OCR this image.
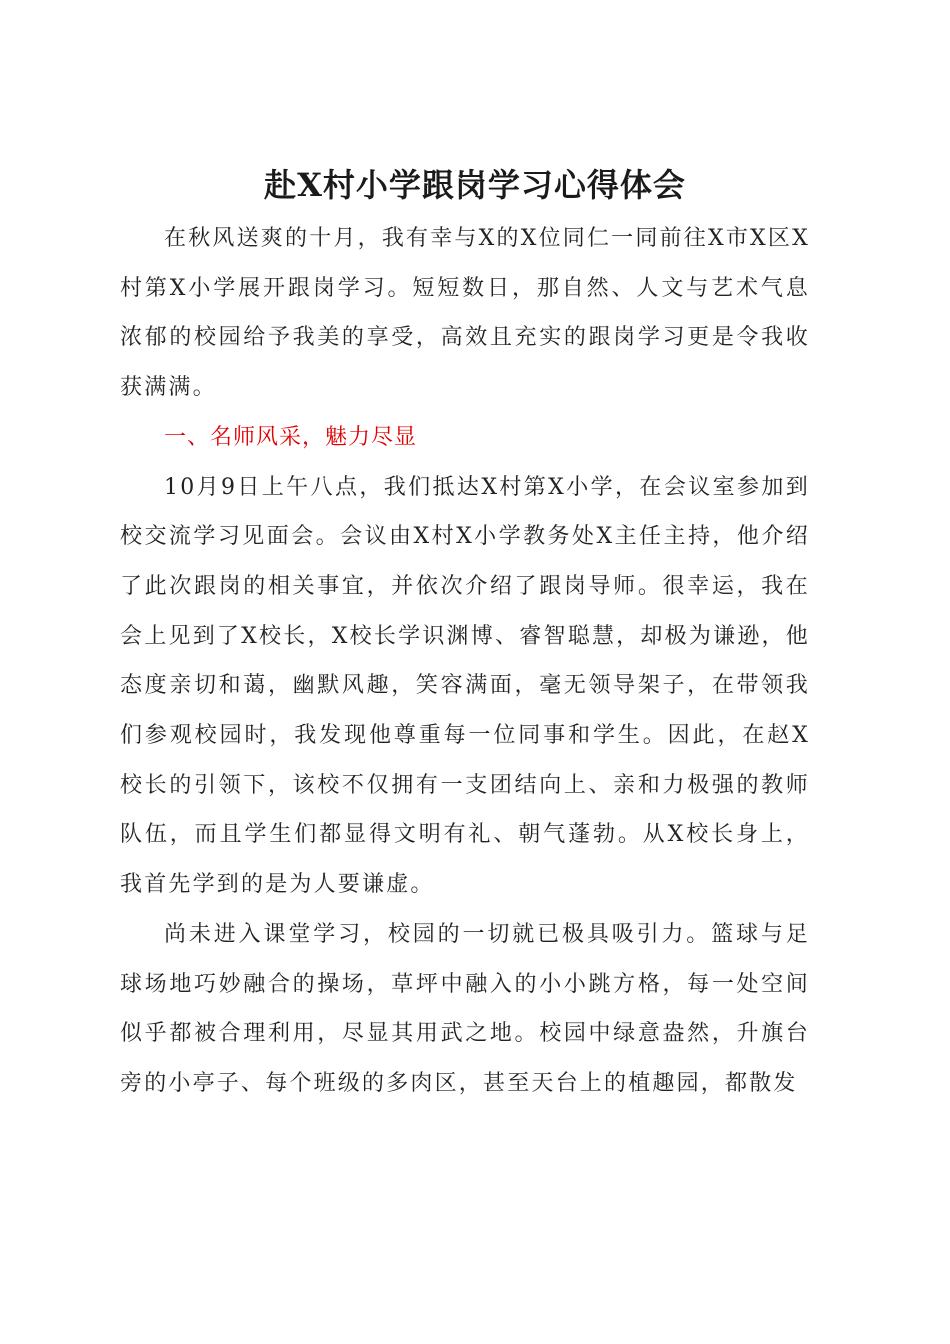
赴X村小学跟岗学习心得体会

在秋风送爽的十月，我有幸与X的X位同仁一同前往X市X区X村第X小学展开跟岗学习。短短数日，那自然、人文与艺术气息浓郁的校园给予我美的享受，高效且充实的跟岗学习更是令我收获满满。

一、名师风采，魅力尽显

10月9日上午八点，我们抵达X村第X小学，在会议室参加到校交流学习见面会。会议由X村X小学教务处X主任主持，他介绍了此次跟岗的相关事宜，并依次介绍了跟岗导师。很幸运，我在会上见到了X校长，X校长学识渊博、睿智聪慧，却极为谦逊，他态度亲切和蔼，幽默风趣，笑容满面，毫无领导架子，在带领我们参观校园时，我发现他尊重每一位同事和学生。因此，在赵X校长的引领下，该校不仅拥有一支团结向上、亲和力极强的教师队伍，而且学生们都显得文明有礼、朝气蓬勃。从X校长身上，我首先学到的是为人要谦虚。

尚未进入课堂学习，校园的一切就已极具吸引力。篮球与足球场地巧妙融合的操场，草坪中融入的小小跳方格，每一处空间似乎都被合理利用，尽显其用武之地。校园中绿意盎然，升旗台旁的小亭子、每个班级的多肉区，甚至天台上的植趣园，都散发
